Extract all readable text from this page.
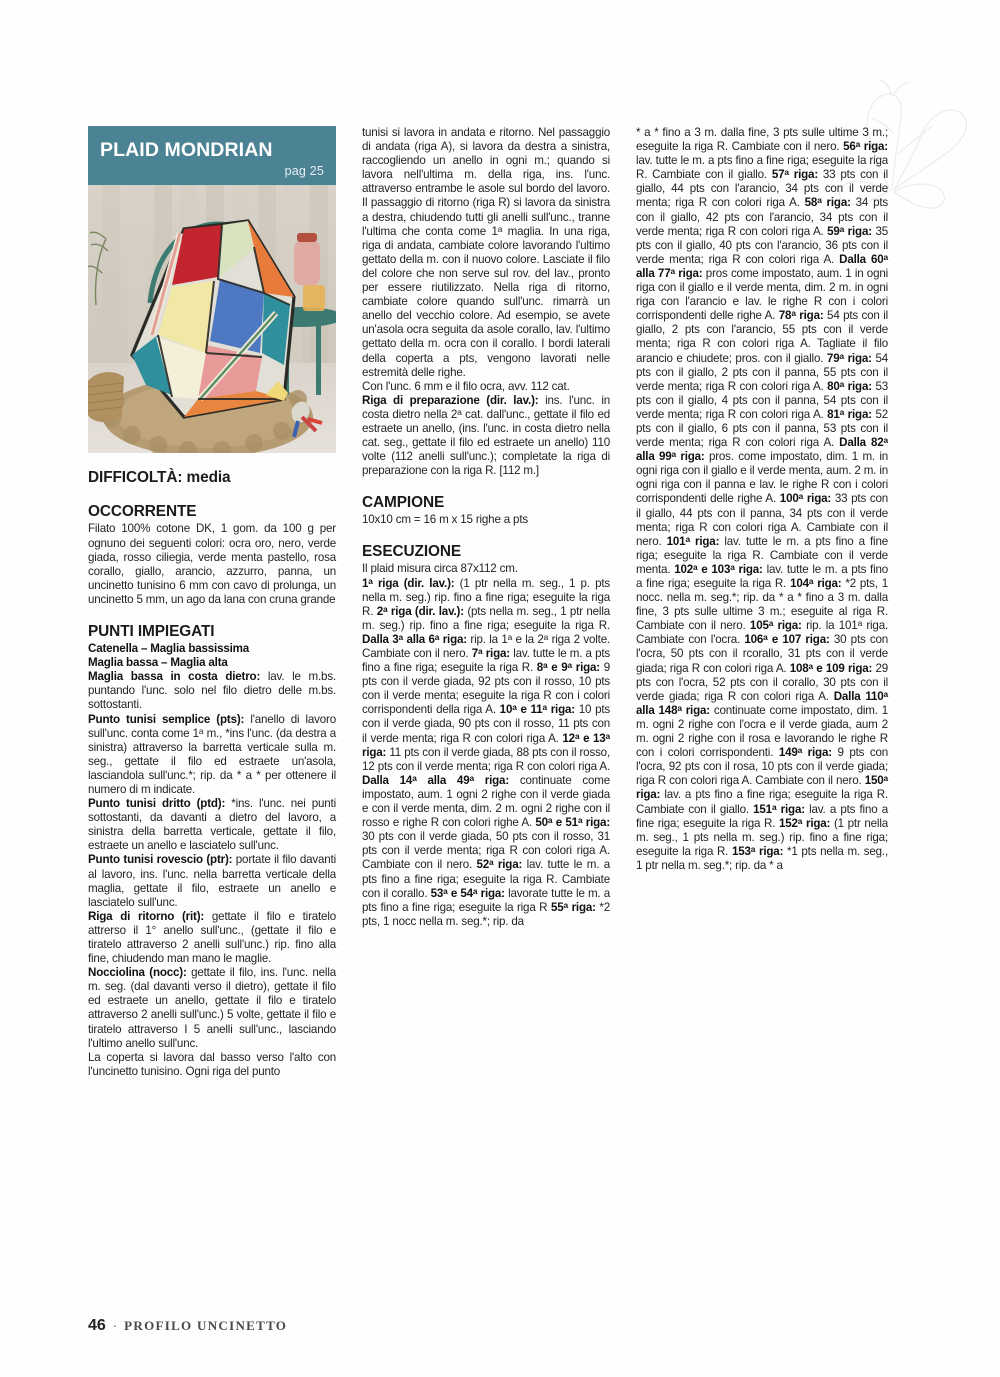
PLAID MONDRIAN
pag 25
DIFFICOLTÀ: media
OCCORRENTE

Filato 100% cotone DK, 1 gom. da 100 g per ognuno dei seguenti colori: ocra oro, nero, verde giada, rosso ciliegia, verde menta pastello, rosa corallo, giallo, arancio, azzurro, panna, un uncinetto tunisino 6 mm con cavo di prolunga, un uncinetto 5 mm, un ago da lana con cruna grande

PUNTI IMPIEGATI

Catenella – Maglia bassissima

Maglia bassa – Maglia alta

Maglia bassa in costa dietro: lav. le m.bs. puntando l'unc. solo nel filo dietro delle m.bs. sottostanti.

Punto tunisi semplice (pts): l'anello di lavoro sull'unc. conta come 1$^a$ m., *ins l'unc. (da destra a sinistra) attraverso la barretta verticale sulla m. seg., gettate il filo ed estraete un'asola, lasciandola sull'unc.*; rip. da * a * per ottenere il numero di m indicate.

Punto tunisi dritto (ptd): *ins. l'unc. nei punti sottostanti, da davanti a dietro del lavoro, a sinistra della barretta verticale, gettate il filo, estraete un anello e lasciatelo sull'unc.

Punto tunisi rovescio (ptr): portate il filo davanti al lavoro, ins. l'unc. nella barretta verticale della maglia, gettate il filo, estraete un anello e lasciatelo sull'unc.

Riga di ritorno (rit): gettate il filo e tiratelo attrerso il 1° anello sull'unc., (gettate il filo e tiratelo attraverso 2 anelli sull'unc.) rip. fino alla fine, chiudendo man mano le maglie.

Nocciolina (nocc): gettate il filo, ins. l'unc. nella m. seg. (dal davanti verso il dietro), gettate il filo ed estraete un anello, gettate il filo e tiratelo attraverso 2 anelli sull'unc.) 5 volte, gettate il filo e tiratelo attraverso I 5 anelli sull'unc., lasciando l'ultimo anello sull'unc.

La coperta si lavora dal basso verso l'alto con l'uncinetto tunisino. Ogni riga del punto

tunisi si lavora in andata e ritorno. Nel passaggio di andata (riga A), si lavora da destra a sinistra, raccogliendo un anello in ogni m.; quando si lavora nell'ultima m. della riga, ins. l'unc. attraverso entrambe le asole sul bordo del lavoro. Il passaggio di ritorno (riga R) si lavora da sinistra a destra, chiudendo tutti gli anelli sull'unc., tranne l'ultima che conta come 1$^a$ maglia. In una riga, riga di andata, cambiate colore lavorando l'ultimo gettato della m. con il nuovo colore. Lasciate il filo del colore che non serve sul rov. del lav., pronto per essere riutilizzato. Nella riga di ritorno, cambiate colore quando sull'unc. rimarrà un anello del vecchio colore. Ad esempio, se avete un'asola ocra seguita da asole corallo, lav. l'ultimo gettato della m. ocra con il corallo. I bordi laterali della coperta a pts, vengono lavorati nelle estremità delle righe.

Con l'unc. 6 mm e il filo ocra, avv. 112 cat.

Riga di preparazione (dir. lav.): ins. l'unc. in costa dietro nella 2$^a$ cat. dall'unc., gettate il filo ed estraete un anello, (ins. l'unc. in costa dietro nella cat. seg., gettate il filo ed estraete un anello) 110 volte (112 anelli sull'unc.); completate la riga di preparazione con la riga R. [112 m.]

CAMPIONE

10x10 cm = 16 m x 15 righe a pts

ESECUZIONE

Il plaid misura circa 87x112 cm.

1$^a$ riga (dir. lav.): (1 ptr nella m. seg., 1 p. pts nella m. seg.) rip. fino a fine riga; eseguite la riga R. 2$^a$ riga (dir. lav.): (pts nella m. seg., 1 ptr nella m. seg.) rip. fino a fine riga; eseguite la riga R. Dalla 3$^a$ alla 6$^a$ riga: rip. la 1$^a$ e la 2$^a$ riga 2 volte. Cambiate con il nero. 7$^a$ riga: lav. tutte le m. a pts fino a fine riga; eseguite la riga R. 8$^a$ e 9$^a$ riga: 9 pts con il verde giada, 92 pts con il rosso, 10 pts con il verde menta; eseguite la riga R con i colori corrispondenti della riga A. 10$^a$ e 11$^a$ riga: 10 pts con il verde giada, 90 pts con il rosso, 11 pts con il verde menta; riga R con colori riga A. 12$^a$ e 13$^a$ riga: 11 pts con il verde giada, 88 pts con il rosso, 12 pts con il verde menta; riga R con colori riga A. Dalla 14$^a$ alla 49$^a$ riga: continuate come impostato, aum. 1 ogni 2 righe con il verde giada e con il verde menta, dim. 2 m. ogni 2 righe con il rosso e righe R con colori righe A. 50$^a$ e 51$^a$ riga: 30 pts con il verde giada, 50 pts con il rosso, 31 pts con il verde menta; riga R con colori riga A. Cambiate con il nero. 52$^a$ riga: lav. tutte le m. a pts fino a fine riga; eseguite la riga R. Cambiate con il corallo. 53$^a$ e 54$^a$ riga: lavorate tutte le m. a pts fino a fine riga; eseguite la riga R 55$^a$ riga: *2 pts, 1 nocc nella m. seg.*; rip. da

* a * fino a 3 m. dalla fine, 3 pts sulle ultime 3 m.; eseguite la riga R. Cambiate con il nero. 56$^a$ riga: lav. tutte le m. a pts fino a fine riga; eseguite la riga R. Cambiate con il giallo. 57$^a$ riga: 33 pts con il giallo, 44 pts con l'arancio, 34 pts con il verde menta; riga R con colori riga A. 58$^a$ riga: 34 pts con il giallo, 42 pts con l'arancio, 34 pts con il verde menta; riga R con colori riga A. 59$^a$ riga: 35 pts con il giallo, 40 pts con l'arancio, 36 pts con il verde menta; riga R con colori riga A. Dalla 60$^a$ alla 77$^a$ riga: pros come impostato, aum. 1 in ogni riga con il giallo e il verde menta, dim. 2 m. in ogni riga con l'arancio e lav. le righe R con i colori corrispondenti delle righe A. 78$^a$ riga: 54 pts con il giallo, 2 pts con l'arancio, 55 pts con il verde menta; riga R con colori riga A. Tagliate il filo arancio e chiudete; pros. con il giallo. 79$^a$ riga: 54 pts con il giallo, 2 pts con il panna, 55 pts con il verde menta; riga R con colori riga A. 80$^a$ riga: 53 pts con il giallo, 4 pts con il panna, 54 pts con il verde menta; riga R con colori riga A. 81$^a$ riga: 52 pts con il giallo, 6 pts con il panna, 53 pts con il verde menta; riga R con colori riga A. Dalla 82$^a$ alla 99$^a$ riga: pros. come impostato, dim. 1 m. in ogni riga con il giallo e il verde menta, aum. 2 m. in ogni riga con il panna e lav. le righe R con i colori corrispondenti delle righe A. 100$^a$ riga: 33 pts con il giallo, 44 pts con il panna, 34 pts con il verde menta; riga R con colori riga A. Cambiate con il nero. 101$^a$ riga: lav. tutte le m. a pts fino a fine riga; eseguite la riga R. Cambiate con il verde menta. 102$^a$ e 103$^a$ riga: lav. tutte le m. a pts fino a fine riga; eseguite la riga R. 104$^a$ riga: *2 pts, 1 nocc. nella m. seg.*; rip. da * a * fino a 3 m. dalla fine, 3 pts sulle ultime 3 m.; eseguite al riga R. Cambiate con il nero. 105$^a$ riga: rip. la 101$^a$ riga. Cambiate con l'ocra. 106$^a$ e 107 riga: 30 pts con l'ocra, 50 pts con il rcorallo, 31 pts con il verde giada; riga R con colori riga A. 108$^a$ e 109 riga: 29 pts con l'ocra, 52 pts con il corallo, 30 pts con il verde giada; riga R con colori riga A. Dalla 110$^a$ alla 148$^a$ riga: continuate come impostato, dim. 1 m. ogni 2 righe con l'ocra e il verde giada, aum 2 m. ogni 2 righe con il rosa e lavorando le righe R con i colori corrispondenti. 149$^a$ riga: 9 pts con l'ocra, 92 pts con il rosa, 10 pts con il verde giada; riga R con colori riga A. Cambiate con il nero. 150$^a$ riga: lav. a pts fino a fine riga; eseguite la riga R. Cambiate con il giallo. 151$^a$ riga: lav. a pts fino a fine riga; eseguite la riga R. 152$^a$ riga: (1 ptr nella m. seg., 1 pts nella m. seg.) rip. fino a fine riga; eseguite la riga R. 153$^a$ riga: *1 pts nella m. seg., 1 ptr nella m. seg.*; rip. da * a

46 · PROFILO UNCINETTO
